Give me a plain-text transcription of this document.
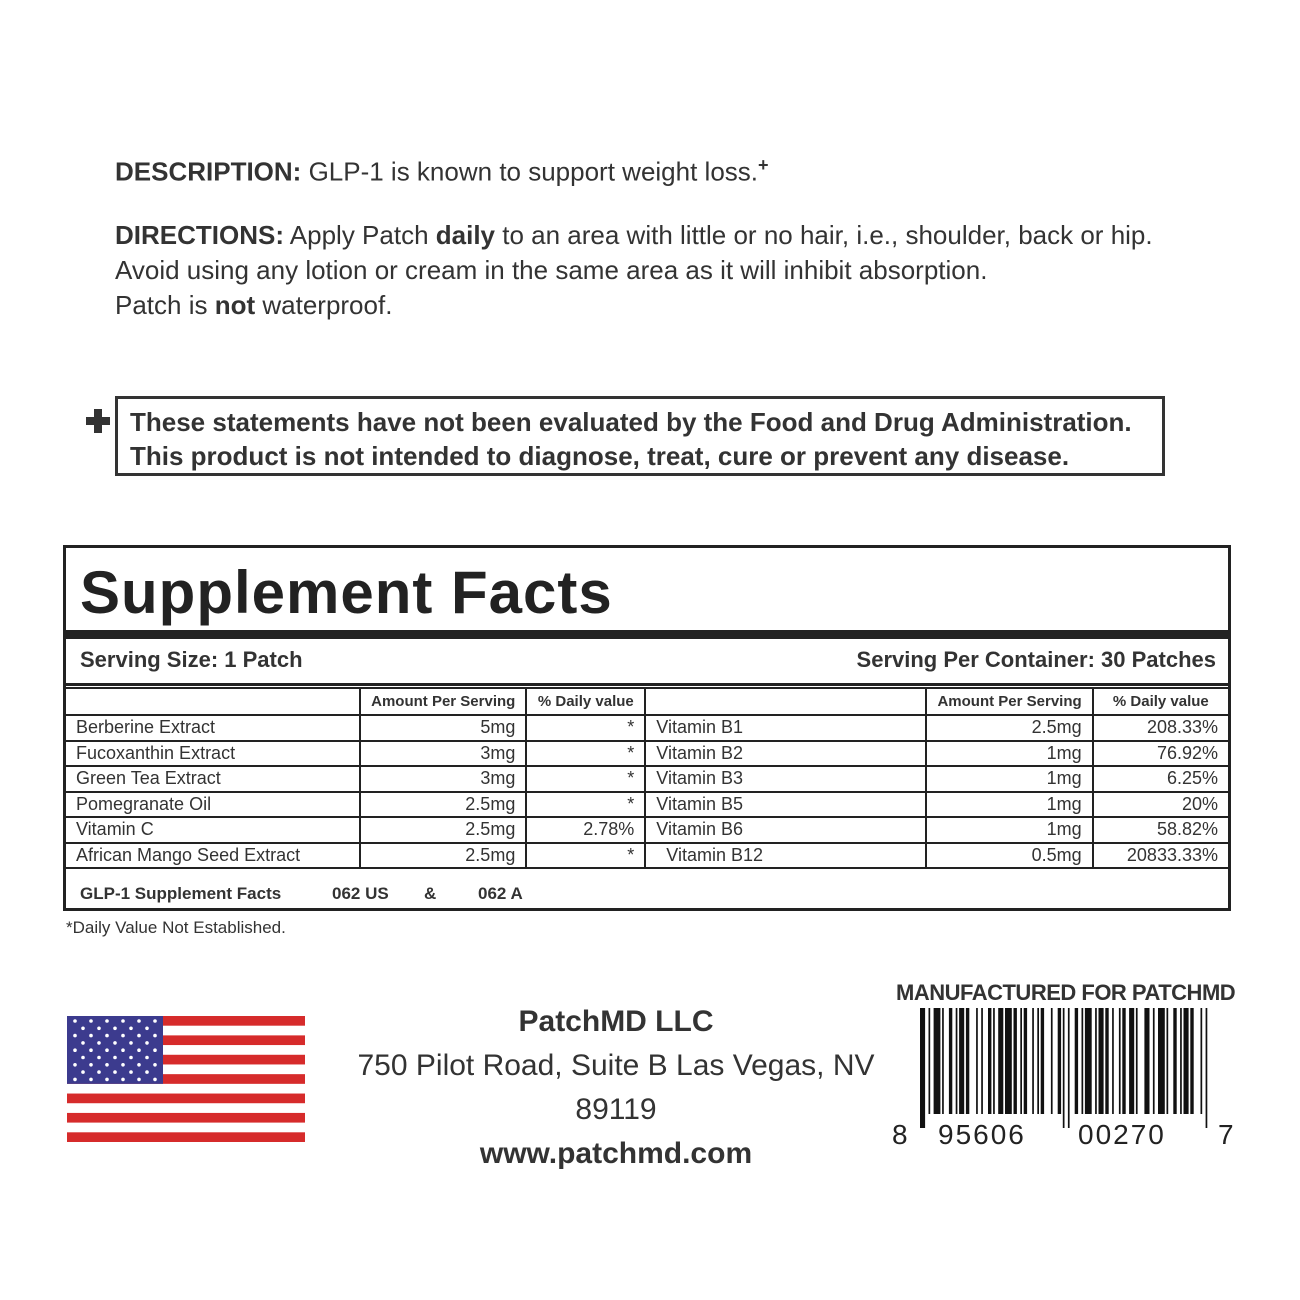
DESCRIPTION: GLP-1 is known to support weight loss.+
DIRECTIONS: Apply Patch daily to an area with little or no hair, i.e., shoulder, back or hip.
Avoid using any lotion or cream in the same area as it will inhibit absorption.
Patch is not waterproof.
These statements have not been evaluated by the Food and Drug Administration.
This product is not intended to diagnose, treat, cure or prevent any disease.
Supplement Facts
Serving Size: 1 Patch	Serving Per Container: 30 Patches
	Amount Per Serving	% Daily value		Amount Per Serving	% Daily value
Berberine Extract	5mg	*	Vitamin B1	2.5mg	208.33%
Fucoxanthin Extract	3mg	*	Vitamin B2	1mg	76.92%
Green Tea Extract	3mg	*	Vitamin B3	1mg	6.25%
Pomegranate Oil	2.5mg	*	Vitamin B5	1mg	20%
Vitamin C	2.5mg	2.78%	Vitamin B6	1mg	58.82%
African Mango Seed Extract	2.5mg	*	Vitamin B12	0.5mg	20833.33%
GLP-1 Supplement Facts	062 US & 062 A
*Daily Value Not Established.
PatchMD LLC
750 Pilot Road, Suite B Las Vegas, NV 89119
www.patchmd.com
MANUFACTURED FOR PATCHMD
8 95606 00270 7
